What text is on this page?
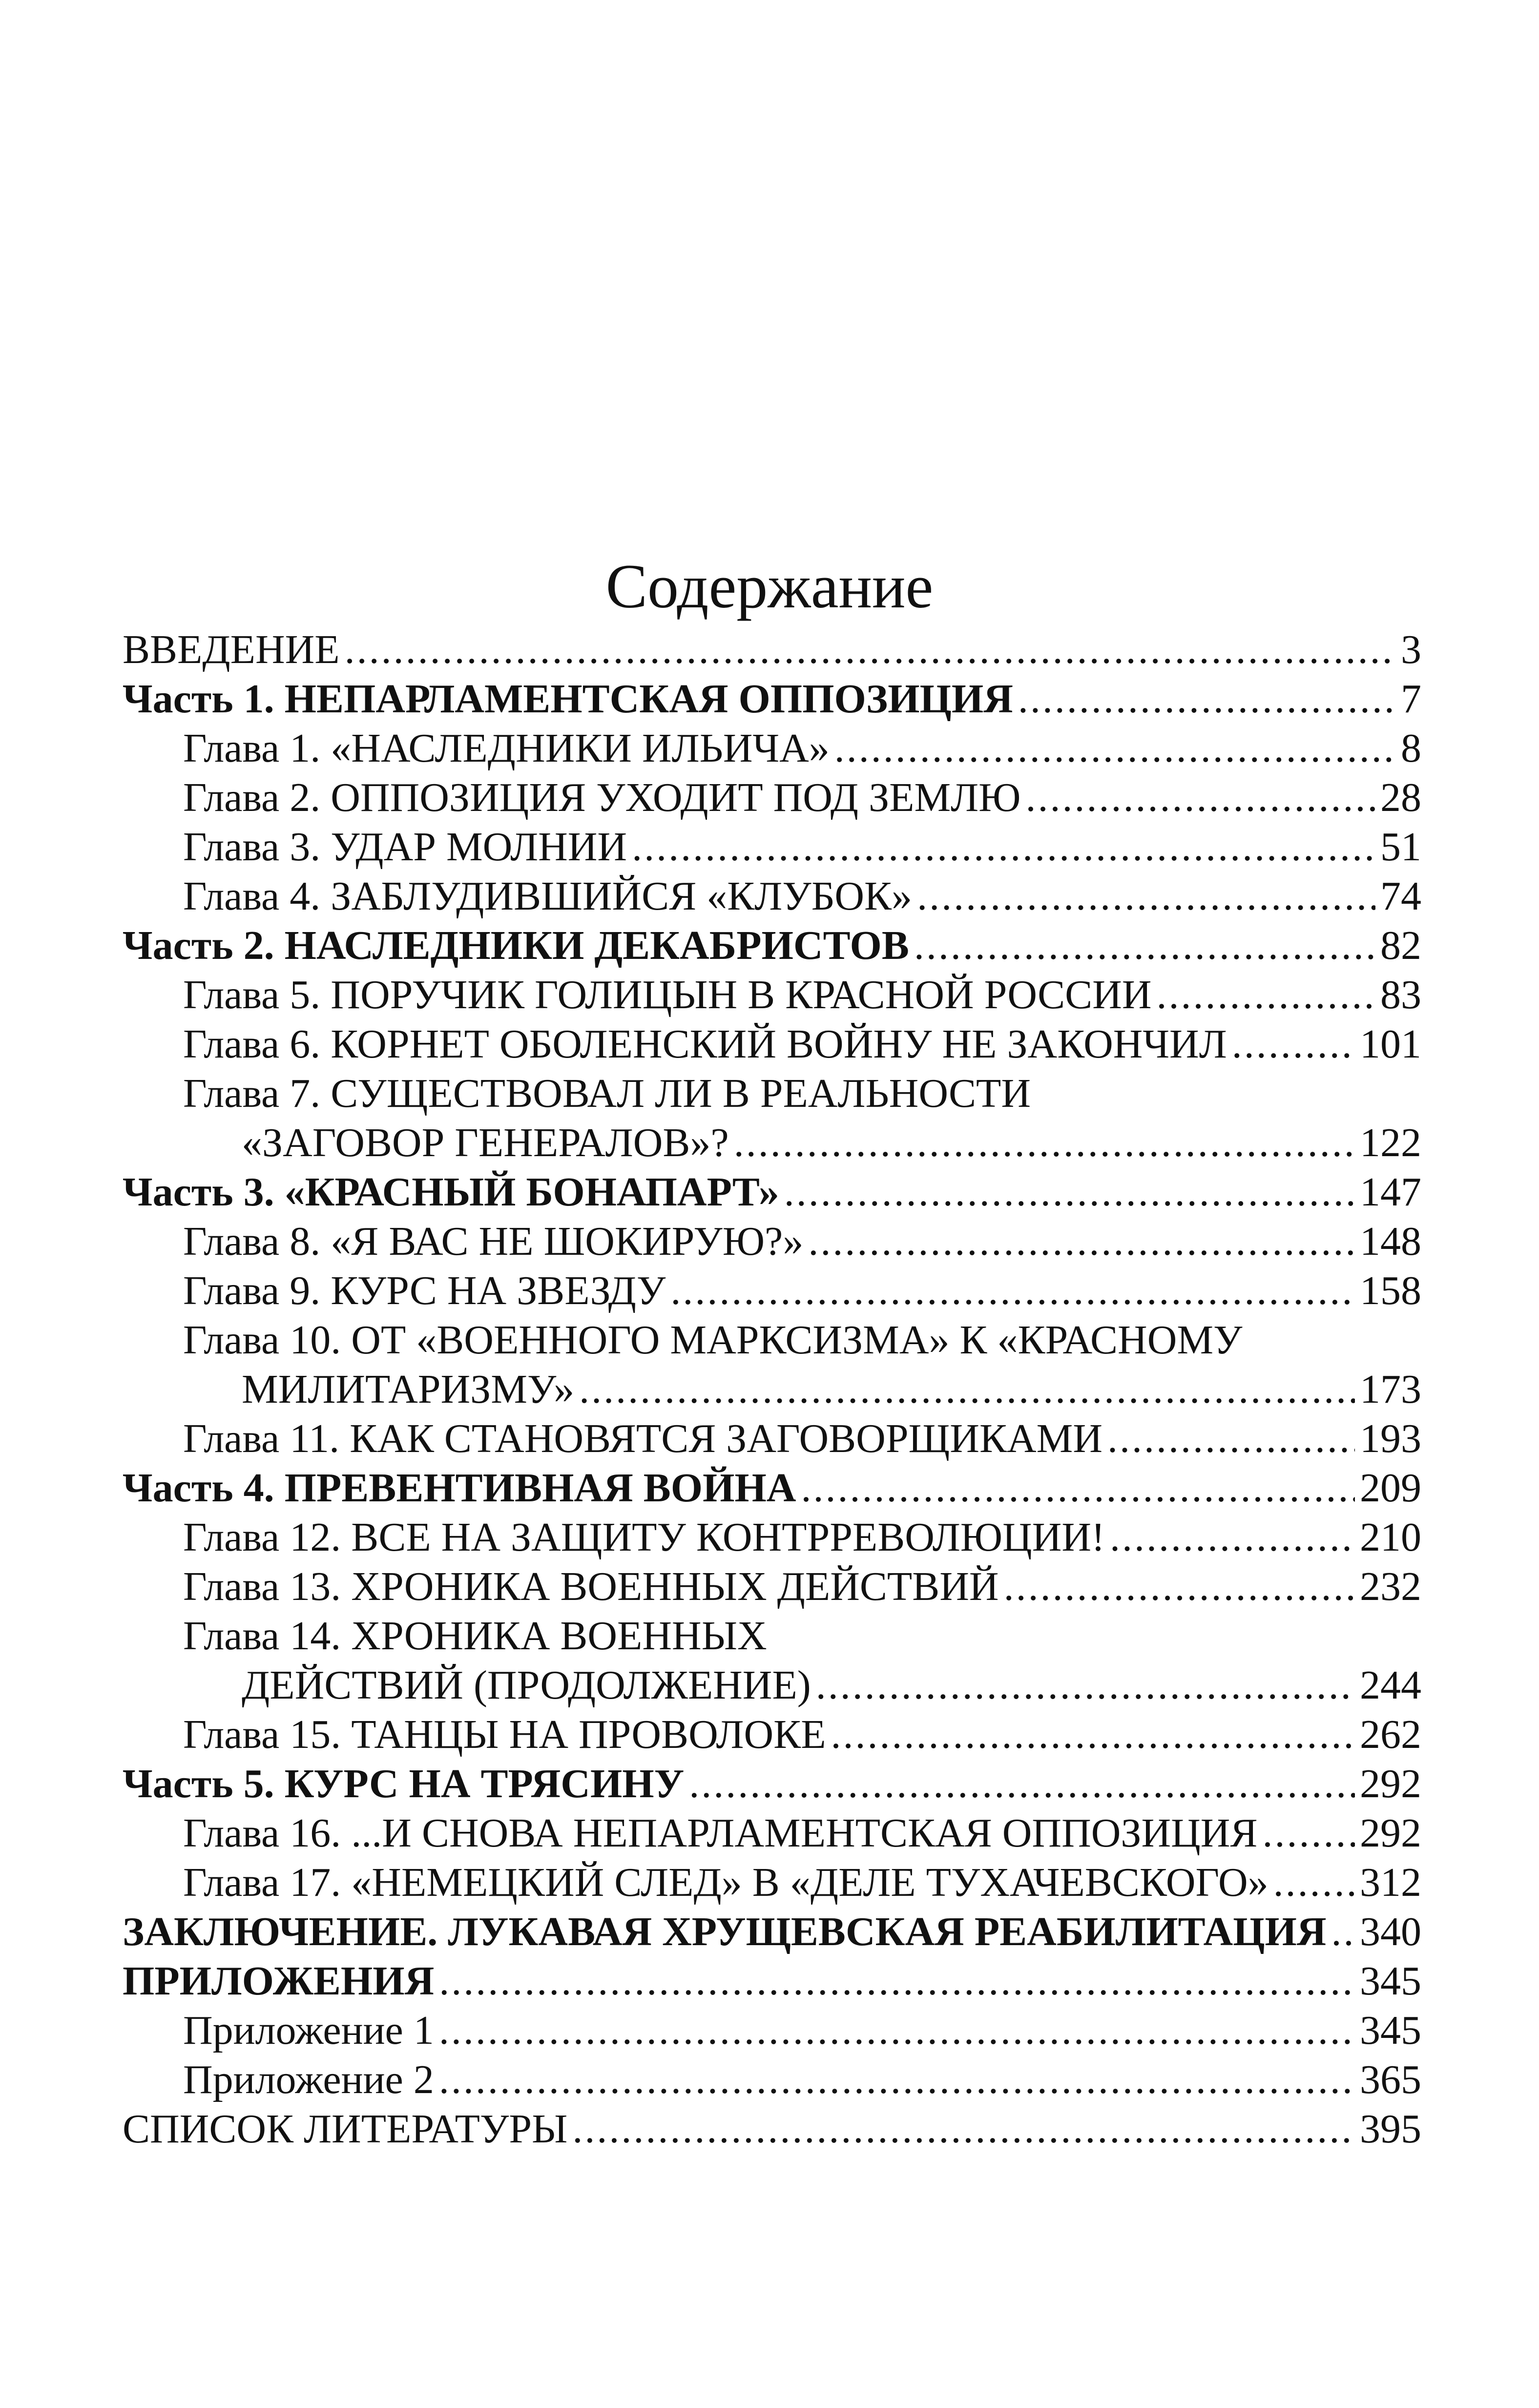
Содержание
ВВЕДЕНИЕ .....	3
Часть 1. НЕПАРЛАМЕНТСКАЯ ОППОЗИЦИЯ .....	7
Глава 1. «НАСЛЕДНИКИ ИЛЬИЧА» .....	8
Глава 2. ОППОЗИЦИЯ УХОДИТ ПОД ЗЕМЛЮ .....	28
Глава 3. УДАР МОЛНИИ .....	51
Глава 4. ЗАБЛУДИВШИЙСЯ «КЛУБОК» .....	74
Часть 2. НАСЛЕДНИКИ ДЕКАБРИСТОВ .....	82
Глава 5. ПОРУЧИК ГОЛИЦЫН В КРАСНОЙ РОССИИ .....	83
Глава 6. КОРНЕТ ОБОЛЕНСКИЙ ВОЙНУ НЕ ЗАКОНЧИЛ .....	101
Глава 7. СУЩЕСТВОВАЛ ЛИ В РЕАЛЬНОСТИ
«ЗАГОВОР ГЕНЕРАЛОВ»? .....	122
Часть 3. «КРАСНЫЙ БОНАПАРТ» .....	147
Глава 8. «Я ВАС НЕ ШОКИРУЮ?» .....	148
Глава 9. КУРС НА ЗВЕЗДУ .....	158
Глава 10. ОТ «ВОЕННОГО МАРКСИЗМА» К «КРАСНОМУ
МИЛИТАРИЗМУ» .....	173
Глава 11. КАК СТАНОВЯТСЯ ЗАГОВОРЩИКАМИ .....	193
Часть 4. ПРЕВЕНТИВНАЯ ВОЙНА .....	209
Глава 12. ВСЕ НА ЗАЩИТУ КОНТРРЕВОЛЮЦИИ! .....	210
Глава 13. ХРОНИКА ВОЕННЫХ ДЕЙСТВИЙ .....	232
Глава 14. ХРОНИКА ВОЕННЫХ
ДЕЙСТВИЙ (ПРОДОЛЖЕНИЕ) .....	244
Глава 15. ТАНЦЫ НА ПРОВОЛОКЕ .....	262
Часть 5. КУРС НА ТРЯСИНУ .....	292
Глава 16. ...И СНОВА НЕПАРЛАМЕНТСКАЯ ОППОЗИЦИЯ ..... 292
Глава 17. «НЕМЕЦКИЙ СЛЕД» В «ДЕЛЕ ТУХАЧЕВСКОГО» ..... 312
ЗАКЛЮЧЕНИЕ. ЛУКАВАЯ ХРУЩЕВСКАЯ РЕАБИЛИТАЦИЯ ..... 340
ПРИЛОЖЕНИЯ .....	345
Приложение 1 .....	345
Приложение 2 .....	365
СПИСОК ЛИТЕРАТУРЫ .....	395
